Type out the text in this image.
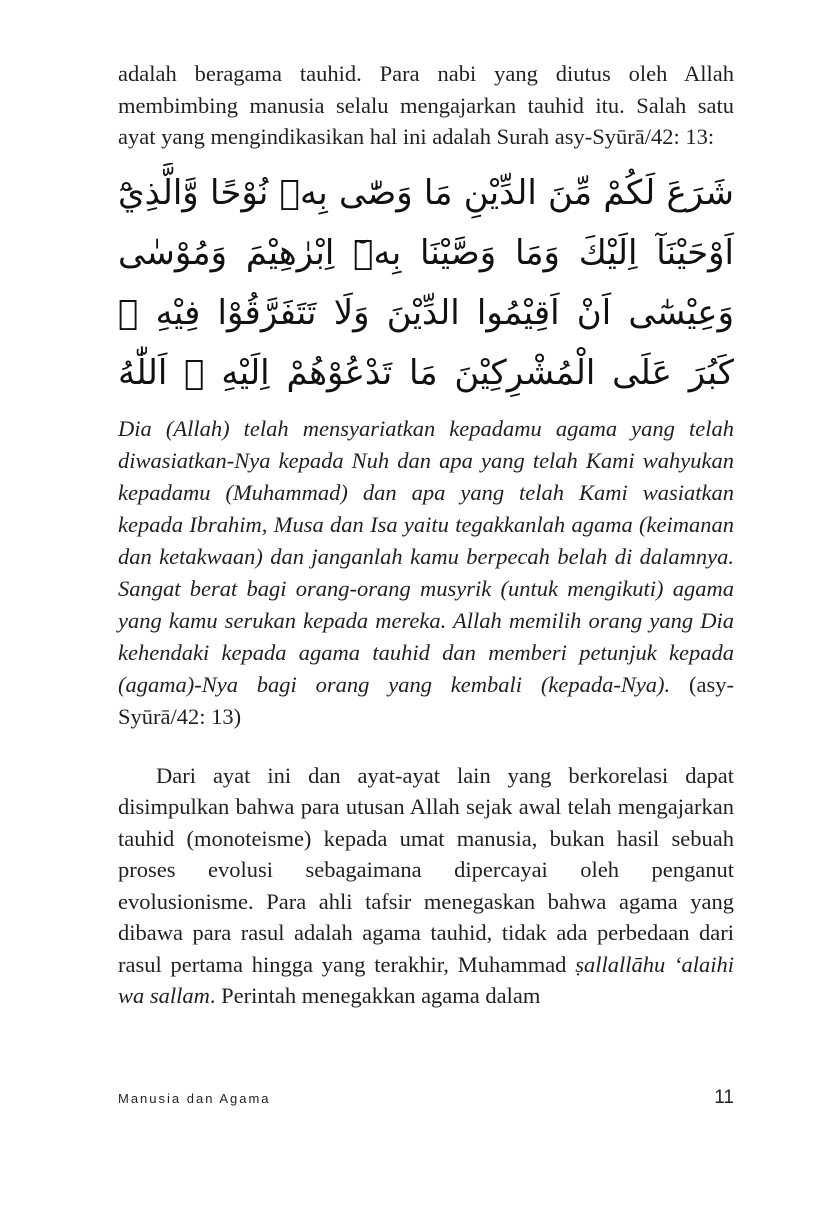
adalah beragama tauhid. Para nabi yang diutus oleh Allah membimbing manusia selalu mengajarkan tauhid itu. Salah satu ayat yang mengindikasikan hal ini adalah Surah asy-Syūrā/42: 13:

شَرَعَ لَكُمْ مِّنَ الدِّيْنِ مَا وَصّٰى بِهٖ نُوْحًا وَّالَّذِيْٓ اَوْحَيْنَآ اِلَيْكَ وَمَا وَصَّيْنَا بِهٖٓ اِبْرٰهِيْمَ وَمُوْسٰى وَعِيْسٰٓى اَنْ اَقِيْمُوا الدِّيْنَ وَلَا تَتَفَرَّقُوْا فِيْهِ ۗ كَبُرَ عَلَى الْمُشْرِكِيْنَ مَا تَدْعُوْهُمْ اِلَيْهِ ۗ اَللّٰهُ

Dia (Allah) telah mensyariatkan kepadamu agama yang telah diwasiatkan-Nya kepada Nuh dan apa yang telah Kami wahyukan kepadamu (Muhammad) dan apa yang telah Kami wasiatkan kepada Ibrahim, Musa dan Isa yaitu tegakkanlah agama (keimanan dan ketakwaan) dan janganlah kamu berpecah belah di dalamnya. Sangat berat bagi orang-orang musyrik (untuk mengikuti) agama yang kamu serukan kepada mereka. Allah memilih orang yang Dia kehendaki kepada agama tauhid dan memberi petunjuk kepada (agama)-Nya bagi orang yang kembali (kepada-Nya). (asy-Syūrā/42: 13)

Dari ayat ini dan ayat-ayat lain yang berkorelasi dapat disimpulkan bahwa para utusan Allah sejak awal telah mengajarkan tauhid (monoteisme) kepada umat manusia, bukan hasil sebuah proses evolusi sebagaimana dipercayai oleh penganut evolusionisme. Para ahli tafsir menegaskan bahwa agama yang dibawa para rasul adalah agama tauhid, tidak ada perbedaan dari rasul pertama hingga yang terakhir, Muhammad ṣallallāhu ‘alaihi wa sallam. Perintah menegakkan agama dalam

Manusia dan Agama	11
